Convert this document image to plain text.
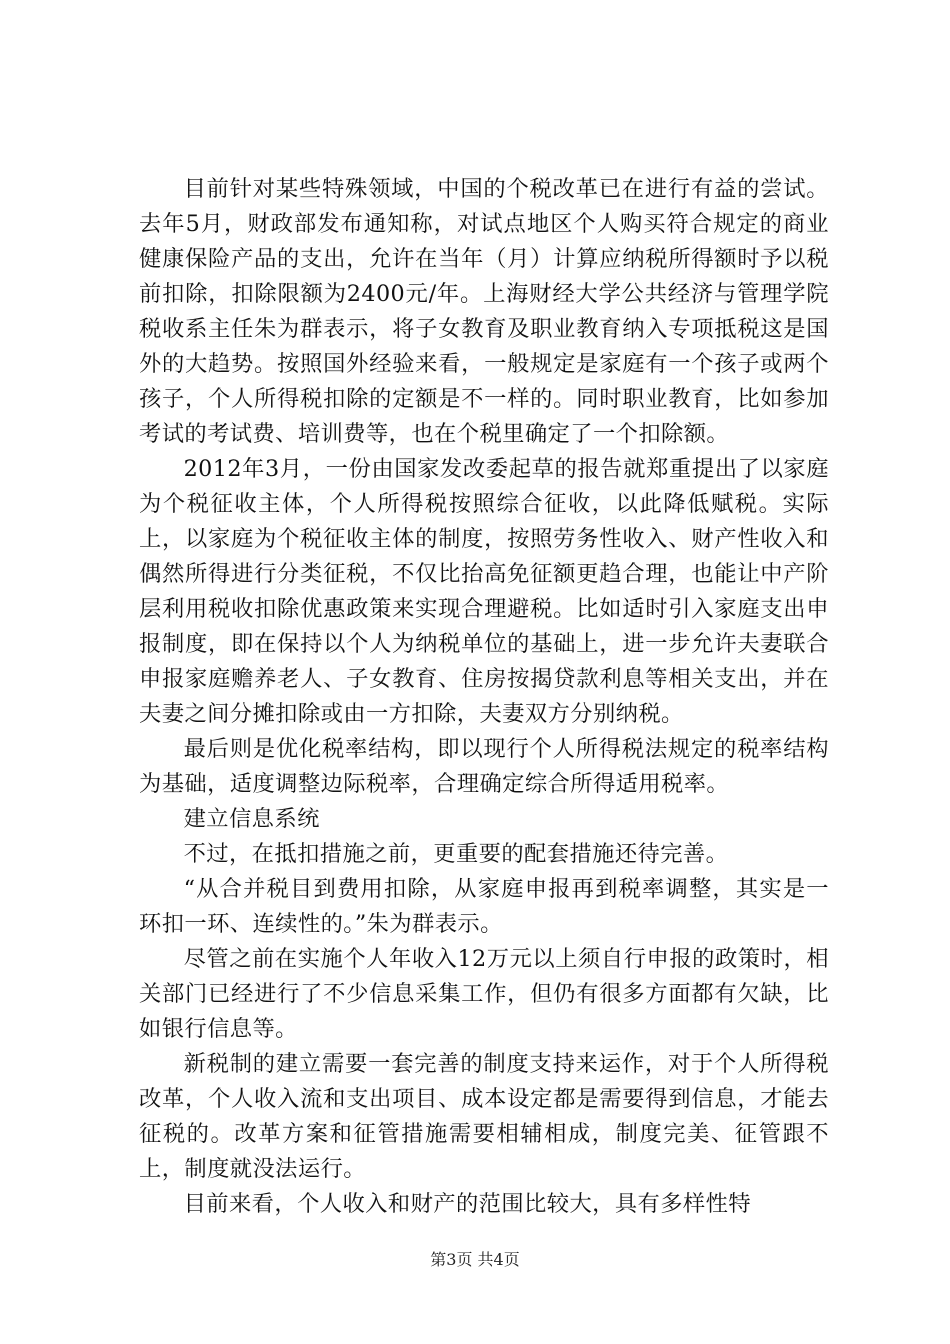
目前针对某些特殊领域，中国的个税改革已在进行有益的尝试。去年5月，财政部发布通知称，对试点地区个人购买符合规定的商业健康保险产品的支出，允许在当年（月）计算应纳税所得额时予以税前扣除，扣除限额为2400元/年。上海财经大学公共经济与管理学院税收系主任朱为群表示，将子女教育及职业教育纳入专项抵税这是国外的大趋势。按照国外经验来看，一般规定是家庭有一个孩子或两个孩子，个人所得税扣除的定额是不一样的。同时职业教育，比如参加考试的考试费、培训费等，也在个税里确定了一个扣除额。

2012年3月，一份由国家发改委起草的报告就郑重提出了以家庭为个税征收主体，个人所得税按照综合征收，以此降低赋税。实际上，以家庭为个税征收主体的制度，按照劳务性收入、财产性收入和偶然所得进行分类征税，不仅比抬高免征额更趋合理，也能让中产阶层利用税收扣除优惠政策来实现合理避税。比如适时引入家庭支出申报制度，即在保持以个人为纳税单位的基础上，进一步允许夫妻联合申报家庭赡养老人、子女教育、住房按揭贷款利息等相关支出，并在夫妻之间分摊扣除或由一方扣除，夫妻双方分别纳税。

最后则是优化税率结构，即以现行个人所得税法规定的税率结构为基础，适度调整边际税率，合理确定综合所得适用税率。

建立信息系统

不过，在抵扣措施之前，更重要的配套措施还待完善。

“从合并税目到费用扣除，从家庭申报再到税率调整，其实是一环扣一环、连续性的。”朱为群表示。

尽管之前在实施个人年收入12万元以上须自行申报的政策时，相关部门已经进行了不少信息采集工作，但仍有很多方面都有欠缺，比如银行信息等。

新税制的建立需要一套完善的制度支持来运作，对于个人所得税改革，个人收入流和支出项目、成本设定都是需要得到信息，才能去征税的。改革方案和征管措施需要相辅相成，制度完美、征管跟不上，制度就没法运行。

目前来看，个人收入和财产的范围比较大，具有多样性特

第3页 共4页
